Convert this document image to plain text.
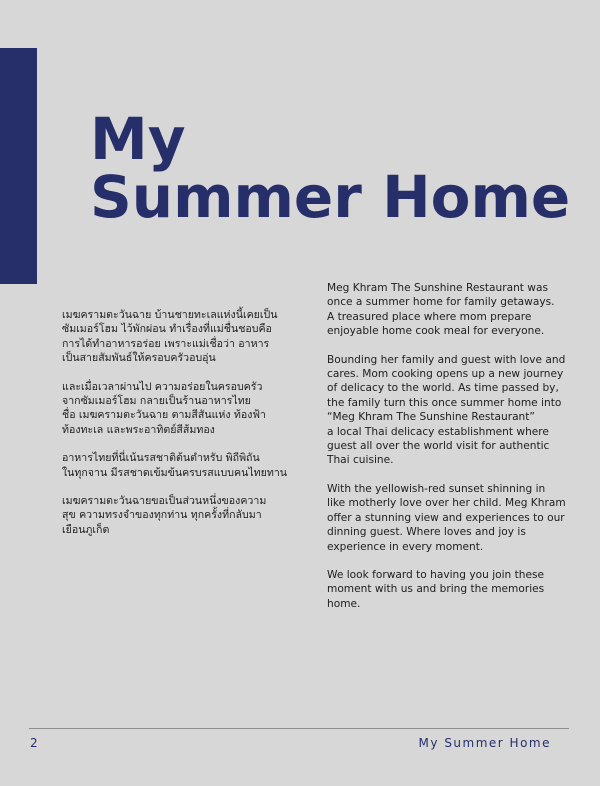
My
Summer Home

เมฆครามตะวันฉาย บ้านชายทะเลแห่งนี้เคยเป็น
ซัมเมอร์โฮม ไว้พักผ่อน ทำเรื่องที่แม่ชื่นชอบคือ
การได้ทำอาหารอร่อย เพราะแม่เชื่อว่า อาหาร
เป็นสายสัมพันธ์ให้ครอบครัวอบอุ่น

และเมื่อเวลาผ่านไป ความอร่อยในครอบครัว
จากซัมเมอร์โฮม กลายเป็นร้านอาหารไทย
ชื่อ เมฆครามตะวันฉาย ตามสีสันแห่ง ท้องฟ้า
ท้องทะเล และพระอาทิตย์สีส้มทอง

อาหารไทยที่นี่เน้นรสชาติต้นตำหรับ พิถีพิถัน
ในทุกจาน มีรสชาดเข้มข้นครบรสแบบคนไทยทาน

เมฆครามตะวันฉายขอเป็นส่วนหนึ่งของความ
สุข ความทรงจำของทุกท่าน ทุกครั้งที่กลับมา
เยือนภูเก็ต

Meg Khram The Sunshine Restaurant was
once a summer home for family getaways.
A treasured place where mom prepare
enjoyable home cook meal for everyone.

Bounding her family and guest with love and
cares. Mom cooking opens up a new journey
of delicacy to the world. As time passed by,
the family turn this once summer home into
“Meg Khram The Sunshine Restaurant”
a local Thai delicacy establishment where
guest all over the world visit for authentic
Thai cuisine.

With the yellowish-red sunset shinning in
like motherly love over her child. Meg Khram
offer a stunning view and experiences to our
dinning guest. Where loves and joy is
experience in every moment.

We look forward to having you join these
moment with us and bring the memories
home.

2	My Summer Home
